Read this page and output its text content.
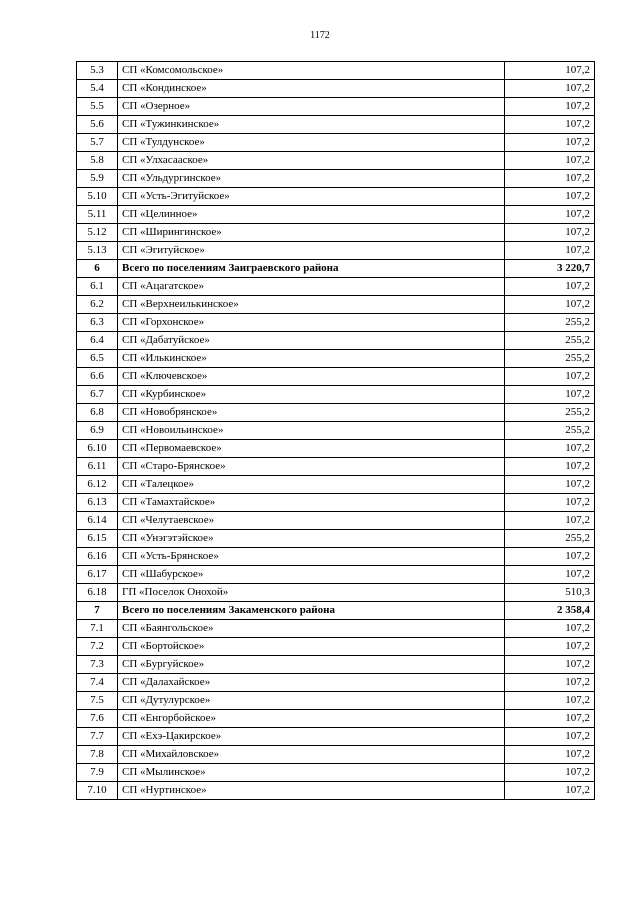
1172
5.3	СП «Комсомольское»	107,2
5.4	СП «Кондинское»	107,2
5.5	СП «Озерное»	107,2
5.6	СП «Тужинкинское»	107,2
5.7	СП «Тулдунское»	107,2
5.8	СП «Улхасаaское»	107,2
5.9	СП «Ульдургинское»	107,2
5.10	СП «Усть-Эгитуйское»	107,2
5.11	СП «Целинное»	107,2
5.12	СП «Ширингинское»	107,2
5.13	СП «Эгитуйское»	107,2
6	Всего по поселениям Заиграевского района	3 220,7
6.1	СП «Ацагатское»	107,2
6.2	СП «Верхнеилькинское»	107,2
6.3	СП «Горхонское»	255,2
6.4	СП «Дабатуйское»	255,2
6.5	СП «Илькинское»	255,2
6.6	СП «Ключевское»	107,2
6.7	СП «Курбинское»	107,2
6.8	СП «Новобрянское»	255,2
6.9	СП «Новоильинское»	255,2
6.10	СП «Первомаевское»	107,2
6.11	СП «Старо-Брянское»	107,2
6.12	СП «Талецкое»	107,2
6.13	СП «Тамахтайское»	107,2
6.14	СП «Челутаевское»	107,2
6.15	СП «Унэгэтэйское»	255,2
6.16	СП «Усть-Брянское»	107,2
6.17	СП «Шабурское»	107,2
6.18	ГП «Поселок Онохой»	510,3
7	Всего по поселениям Закаменского района	2 358,4
7.1	СП «Баянгольское»	107,2
7.2	СП «Бортойское»	107,2
7.3	СП «Бургуйское»	107,2
7.4	СП «Далахайское»	107,2
7.5	СП «Дутулурское»	107,2
7.6	СП «Енгорбойское»	107,2
7.7	СП «Ехэ-Цакирское»	107,2
7.8	СП «Михайловское»	107,2
7.9	СП «Мылинское»	107,2
7.10	СП «Нуртинское»	107,2
